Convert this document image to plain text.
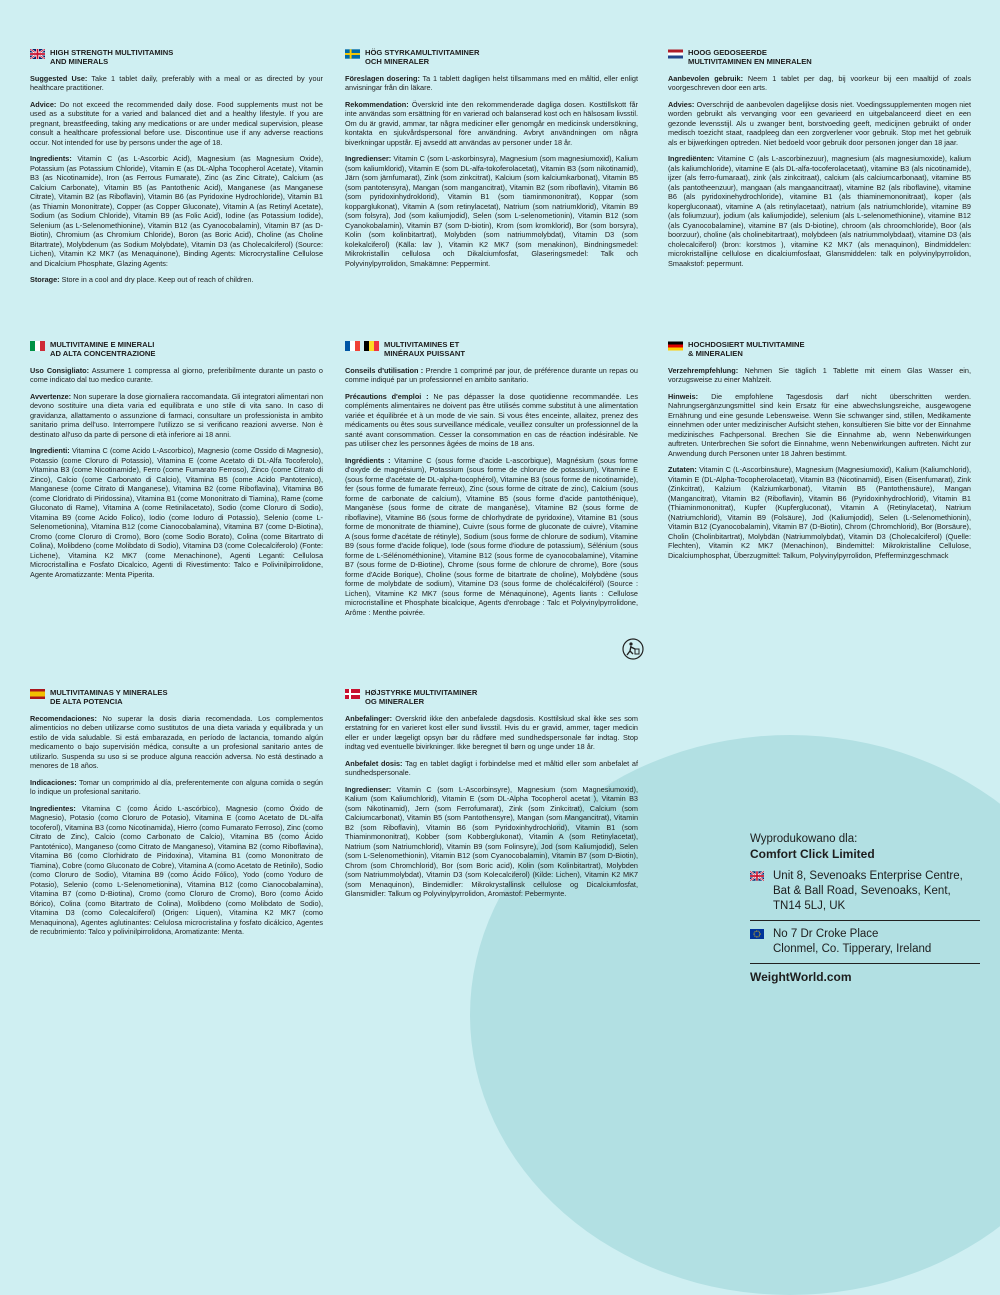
HIGH STRENGTH MULTIVITAMINS
AND MINERALS

Suggested Use: Take 1 tablet daily, preferably with a meal or as directed by your healthcare practitioner.

Advice: Do not exceed the recommended daily dose. Food supplements must not be used as a substitute for a varied and balanced diet and a healthy lifestyle. If you are pregnant, breastfeeding, taking any medications or are under medical supervision, please consult a healthcare professional before use. Discontinue use if any adverse reactions occur. Not intended for use by persons under the age of 18.

Ingredients: Vitamin C (as L-Ascorbic Acid), Magnesium (as Magnesium Oxide), Potassium (as Potassium Chloride), Vitamin E (as DL-Alpha Tocopherol Acetate), Vitamin B3 (as Nicotinamide), Iron (as Ferrous Fumarate), Zinc (as Zinc Citrate), Calcium (as Calcium Carbonate), Vitamin B5 (as Pantothenic Acid), Manganese (as Manganese Citrate), Vitamin B2 (as Riboflavin), Vitamin B6 (as Pyridoxine Hydrochloride), Vitamin B1 (as Thiamin Mononitrate), Copper (as Copper Gluconate), Vitamin A (as Retinyl Acetate), Sodium (as Sodium Chloride), Vitamin B9 (as Folic Acid), Iodine (as Potassium Iodide), Selenium (as L-Selenomethionine), Vitamin B12 (as Cyanocobalamin), Vitamin B7 (as D-Biotin), Chromium (as Chromium Chloride), Boron (as Boric Acid), Choline (as Choline Bitartrate), Molybdenum (as Sodium Molybdate), Vitamin D3 (as Cholecalciferol) (Source: Lichen), Vitamin K2 MK7 (as Menaquinone), Binding Agents: Microcrystalline Cellulose and Dicalcium Phosphate, Glazing Agents:

Storage: Store in a cool and dry place. Keep out of reach of children.

HÖG STYRKAMULTIVITAMINER
OCH MINERALER

Föreslagen dosering: Ta 1 tablett dagligen helst tillsammans med en måltid, eller enligt anvisningar från din läkare.

Rekommendation: Överskrid inte den rekommenderade dagliga dosen. Kosttillskott får inte användas som ersättning för en varierad och balanserad kost och en hälsosam livsstil. Om du är gravid, ammar, tar några mediciner eller genomgår en medicinsk undersökning, kontakta en sjukvårdspersonal före användning. Avbryt användningen om några biverkningar uppstår. Ej avsedd att användas av personer under 18 år.

Ingredienser: Vitamin C (som L-askorbinsyra), Magnesium (som magnesiumoxid), Kalium (som kaliumklorid), Vitamin E (som DL-alfa-tokoferolacetat), Vitamin B3 (som nikotinamid), Järn (som järnfumarat), Zink (som zinkcitrat), Kalcium (som kalciumkarbonat), Vitamin B5 (som pantotensyra), Mangan (som mangancitrat), Vitamin B2 (som riboflavin), Vitamin B6 (som pyridoxinhydroklorid), Vitamin B1 (som tiaminmononitrat), Koppar (som kopparglukonat), Vitamin A (som retinylacetat), Natrium (som natriumklorid), Vitamin B9 (som folsyra), Jod (som kaliumjodid), Selen (som L-selenometionin), Vitamin B12 (som Cyanokobalamin), Vitamin B7 (som D-biotin), Krom (som kromklorid), Bor (som borsyra), Kolin (som kolinbitartrat), Molybden (som natriummolybdat), Vitamin D3 (som kolekalciferol) (Källa: lav ), Vitamin K2 MK7 (som menakinon), Bindningsmedel: Mikrokristallin cellulosa och Dikalciumfosfat, Glaseringsmedel: Talk och Polyvinylpyrrolidon, Smakämne: Peppermint.

HOOG GEDOSEERDE
MULTIVITAMINEN EN MINERALEN

Aanbevolen gebruik: Neem 1 tablet per dag, bij voorkeur bij een maaltijd of zoals voorgeschreven door een arts.

Advies: Overschrijd de aanbevolen dagelijkse dosis niet. Voedingssupplementen mogen niet worden gebruikt als vervanging voor een gevarieerd en uitgebalanceerd dieet en een gezonde levensstijl. Als u zwanger bent, borstvoeding geeft, medicijnen gebruikt of onder medisch toezicht staat, raadpleeg dan een zorgverlener voor gebruik. Stop met het gebruik als er bijwerkingen optreden. Niet bedoeld voor gebruik door personen jonger dan 18 jaar.

Ingrediënten: Vitamine C (als L-ascorbinezuur), magnesium (als magnesiumoxide), kalium (als kaliumchloride), vitamine E (als DL-alfa-tocoferolacetaat), vitamine B3 (als nicotinamide), ijzer (als ferro-fumaraat), zink (als zinkcitraat), calcium (als calciumcarbonaat), vitamine B5 (als pantotheenzuur), mangaan (als mangaancitraat), vitamine B2 (als riboflavine), vitamine B6 (als pyridoxinehydrochloride), vitamine B1 (als thiaminemononitraat), koper (als kopergluconaat), vitamine A (als retinylacetaat), natrium (als natriumchloride), vitamine B9 (als foliumzuur), jodium (als kaliumjodide), selenium (als L-selenomethionine), vitamine B12 (als Cyanocobalamine), vitamine B7 (als D-biotine), chroom (als chroomchloride), Boor (als boorzuur), choline (als cholinebitartraat), molybdeen (als natriummolybdaat), vitamine D3 (als cholecalciferol) (bron: korstmos ), vitamine K2 MK7 (als menaquinon), Bindmiddelen: microkristallijne cellulose en dicalciumfosfaat, Glansmiddelen: talk en polyvinylpyrrolidon, Smaakstof: pepermunt.

MULTIVITAMINE E MINERALI
AD ALTA CONCENTRAZIONE

Uso Consigliato: Assumere 1 compressa al giorno, preferibilmente durante un pasto o come indicato dal tuo medico curante.

Avvertenze: Non superare la dose giornaliera raccomandata. Gli integratori alimentari non devono sostituire una dieta varia ed equilibrata e uno stile di vita sano. In caso di gravidanza, allattamento o assunzione di farmaci, consultare un professionista in ambito sanitario prima dell'uso. Interrompere l'utilizzo se si verificano reazioni avverse. Non è destinato all'uso da parte di persone di età inferiore ai 18 anni.

Ingredienti: Vitamina C (come Acido L-Ascorbico), Magnesio (come Ossido di Magnesio), Potassio (come Cloruro di Potassio), Vitamina E (come Acetato di DL-Alfa Tocoferolo), Vitamina B3 (come Nicotinamide), Ferro (come Fumarato Ferroso), Zinco (come Citrato di Zinco), Calcio (come Carbonato di Calcio), Vitamina B5 (come Acido Pantotenico), Manganese (come Citrato di Manganese), Vitamina B2 (come Riboflavina), Vitamina B6 (come Cloridrato di Piridossina), Vitamina B1 (come Mononitrato di Tiamina), Rame (come Gluconato di Rame), Vitamina A (come Retinilacetato), Sodio (come Cloruro di Sodio), Vitamina B9 (come Acido Folico), Iodio (come Ioduro di Potassio), Selenio (come L-Selenometionina), Vitamina B12 (come Cianocobalamina), Vitamina B7 (come D-Biotina), Cromo (come Cloruro di Cromo), Boro (come Sodio Borato), Colina (come Bitartrato di Colina), Molibdeno (come Molibdato di Sodio), Vitamina D3 (come Colecalciferolo) (Fonte: Lichene), Vitamina K2 MK7 (come Menachinone), Agenti Leganti: Cellulosa Microcristallina e Fosfato Dicalcico, Agenti di Rivestimento: Talco e Polivinilpirrolidone, Agente Aromatizzante: Menta Piperita.

MULTIVITAMINES ET
MINÉRAUX PUISSANT

Conseils d'utilisation : Prendre 1 comprimé par jour, de préférence durante un repas ou comme indiqué par un professionnel en ambito sanitario.

Précautions d'emploi : Ne pas dépasser la dose quotidienne recommandée. Les compléments alimentaires ne doivent pas être utilisés comme substitut à une alimentation variée et équilibrée et à un mode de vie sain. Si vous êtes enceinte, allaitez, prenez des médicaments ou êtes sous surveillance médicale, veuillez consulter un professionnel de la santé avant consommation. Cesser la consommation en cas de réaction indésirable. Ne pas utiliser chez les personnes âgées de moins de 18 ans.

Ingrédients : Vitamine C (sous forme d'acide L-ascorbique), Magnésium (sous forme d'oxyde de magnésium), Potassium (sous forme de chlorure de potassium), Vitamine E (sous forme d'acétate de DL-alpha-tocophérol), Vitamine B3 (sous forme de nicotinamide), fer (sous forme de fumarate ferreux), Zinc (sous forme de citrate de zinc), Calcium (sous forme de carbonate de calcium), Vitamine B5 (sous forme d'acide pantothénique), Manganèse (sous forme de citrate de manganèse), Vitamine B2 (sous forme de riboflavine), Vitamine B6 (sous forme de chlorhydrate de pyridoxine), Vitamine B1 (sous forme de mononitrate de thiamine), Cuivre (sous forme de gluconate de cuivre), Vitamine A (sous forme d'acétate de rétinyle), Sodium (sous forme de chlorure de sodium), Vitamine B9 (sous forme d'acide folique), Iode (sous forme d'iodure de potassium), Sélénium (sous forme de L-Sélénométhionine), Vitamine B12 (sous forme de cyanocobalamine), Vitamine B7 (sous forme de D-Biotine), Chrome (sous forme de chlorure de chrome), Bore (sous forme d'Acide Borique), Choline (sous forme de bitartrate de choline), Molybdène (sous forme de molybdate de sodium), Vitamine D3 (sous forme de cholécalciférol) (Source : Lichen), Vitamine K2 MK7 (sous forme de Ménaquinone), Agents liants : Cellulose microcristalline et Phosphate bicalcique, Agents d'enrobage : Talc et Polyvinylpyrrolidone, Arôme : Menthe poivrée.

HOCHDOSIERT MULTIVITAMINE
& MINERALIEN

Verzehrempfehlung: Nehmen Sie täglich 1 Tablette mit einem Glas Wasser ein, vorzugsweise zu einer Mahlzeit.

Hinweis: Die empfohlene Tagesdosis darf nicht überschritten werden. Nahrungsergänzungsmittel sind kein Ersatz für eine abwechslungsreiche, ausgewogene Ernährung und eine gesunde Lebensweise. Wenn Sie schwanger sind, stillen, Medikamente einnehmen oder unter medizinischer Aufsicht stehen, konsultieren Sie bitte vor der Einnahme medizinisches Fachpersonal. Brechen Sie die Einnahme ab, wenn Nebenwirkungen auftreten. Unterbrechen Sie sofort die Einnahme, wenn Nebenwirkungen auftreten. Nicht zur Anwendung durch Personen unter 18 Jahren bestimmt.

Zutaten: Vitamin C (L-Ascorbinsäure), Magnesium (Magnesiumoxid), Kalium (Kaliumchlorid), Vitamin E (DL-Alpha-Tocopherolacetat), Vitamin B3 (Nicotinamid), Eisen (Eisenfumarat), Zink (Zinkcitrat), Kalzium (Kalziumkarbonat), Vitamin B5 (Pantothensäure), Mangan (Mangancitrat), Vitamin B2 (Riboflavin), Vitamin B6 (Pyridoxinhydrochlorid), Vitamin B1 (Thiaminmononitrat), Kupfer (Kupfergluconat), Vitamin A (Retinylacetat), Natrium (Natriumchlorid), Vitamin B9 (Folsäure), Jod (Kaliumjodid), Selen (L-Selenomethionin), Vitamin B12 (Cyanocobalamin), Vitamin B7 (D-Biotin), Chrom (Chromchlorid), Bor (Borsäure), Cholin (Cholinbitartrat), Molybdän (Natriummolybdat), Vitamin D3 (Cholecalciferol) (Quelle: Flechten), Vitamin K2 MK7 (Menachinon), Bindemittel: Mikrokristalline Cellulose, Dicalciumphosphat, Überzugmittel: Talkum, Polyvinylpyrrolidon, Pfefferminzgeschmack

MULTIVITAMINAS Y MINERALES
DE ALTA POTENCIA

Recomendaciones: No superar la dosis diaria recomendada. Los complementos alimenticios no deben utilizarse como sustitutos de una dieta variada y equilibrada y un estilo de vida saludable. Si está embarazada, en período de lactancia, tomando algún medicamento o bajo supervisión médica, consulte a un profesional sanitario antes de utilizarlo. Suspenda su uso si se produce alguna reacción adversa. No está destinado a menores de 18 años.

Indicaciones: Tomar un comprimido al día, preferentemente con alguna comida o según lo indique un profesional sanitario.

Ingredientes: Vitamina C (como Ácido L-ascórbico), Magnesio (como Óxido de Magnesio), Potasio (como Cloruro de Potasio), Vitamina E (como Acetato de DL-alfa tocoferol), Vitamina B3 (como Nicotinamida), Hierro (como Fumarato Ferroso), Zinc (como Citrato de Zinc), Calcio (como Carbonato de Calcio), Vitamina B5 (como Ácido Pantoténico), Manganeso (como Citrato de Manganeso), Vitamina B2 (como Riboflavina), Vitamina B6 (como Clorhidrato de Piridoxina), Vitamina B1 (como Mononitrato de Tiamina), Cobre (como Gluconato de Cobre), Vitamina A (como Acetato de Retinilo), Sodio (como Cloruro de Sodio), Vitamina B9 (como Ácido Fólico), Yodo (como Yoduro de Potasio), Selenio (como L-Selenometionina), Vitamina B12 (como Cianocobalamina), Vitamina B7 (como D-Biotina), Cromo (como Cloruro de Cromo), Boro (como Ácido Bórico), Colina (como Bitartrato de Colina), Molibdeno (como Molibdato de Sodio), Vitamina D3 (como Colecalciferol) (Origen: Liquen), Vitamina K2 MK7 (como Menaquinona), Agentes aglutinantes: Celulosa microcristalina y fosfato dicálcico, Agentes de recubrimiento: Talco y polivinilpirrolidona, Aromatizante: Menta.

HØJSTYRKE MULTIVITAMINER
OG MINERALER

Anbefalinger: Overskrid ikke den anbefalede dagsdosis. Kosttilskud skal ikke ses som erstatning for en varieret kost eller sund livsstil. Hvis du er gravid, ammer, tager medicin eller er under lægeligt opsyn bør du rådføre med sundhedspersonale før indtag. Stop indtag ved eventuelle bivirkninger. Ikke beregnet til børn og unge under 18 år.

Anbefalet dosis: Tag en tablet dagligt i forbindelse med et måltid eller som anbefalet af sundhedspersonale.

Ingredienser: Vitamin C (som L-Ascorbinsyre), Magnesium (som Magnesiumoxid), Kalium (som Kaliumchlorid), Vitamin E (som DL-Alpha Tocopherol acetat ), Vitamin B3 (som Nikotinamid), Jern (som Ferrofumarat), Zink (som Zinkcitrat), Calcium (som Calciumcarbonat), Vitamin B5 (som Pantothensyre), Mangan (som Mangancitrat), Vitamin B2 (som Riboflavin), Vitamin B6 (som Pyridoxinhydrochlorid), Vitamin B1 (som Thiaminmononitrat), Kobber (som Kobberglukonat), Vitamin A (som Retinylacetat), Natrium (som Natriumchlorid), Vitamin B9 (som Folinsyre), Jod (som Kaliumjodid), Selen (som L-Selenomethionin), Vitamin B12 (som Cyanocobalamin), Vitamin B7 (som D-Biotin), Chrom (som Chromchlorid), Bor (som Boric acid), Kolin (som Kolinbitartrat), Molybden (som Natriummolybdat), Vitamin D3 (som Kolecalciferol) (Kilde: Lichen), Vitamin K2 MK7 (som Menaquinon), Bindemidler: Mikrokrystallinsk cellulose og Dicalciumfosfat, Glansmidler: Talkum og Polyvinylpyrrolidon, Aromastof: Pebermynte.

Wyprodukowano dla:
Comfort Click Limited
Unit 8, Sevenoaks Enterprise Centre,
Bat & Ball Road, Sevenoaks, Kent,
TN14 5LJ, UK
No 7 Dr Croke Place
Clonmel, Co. Tipperary, Ireland
WeightWorld.com
